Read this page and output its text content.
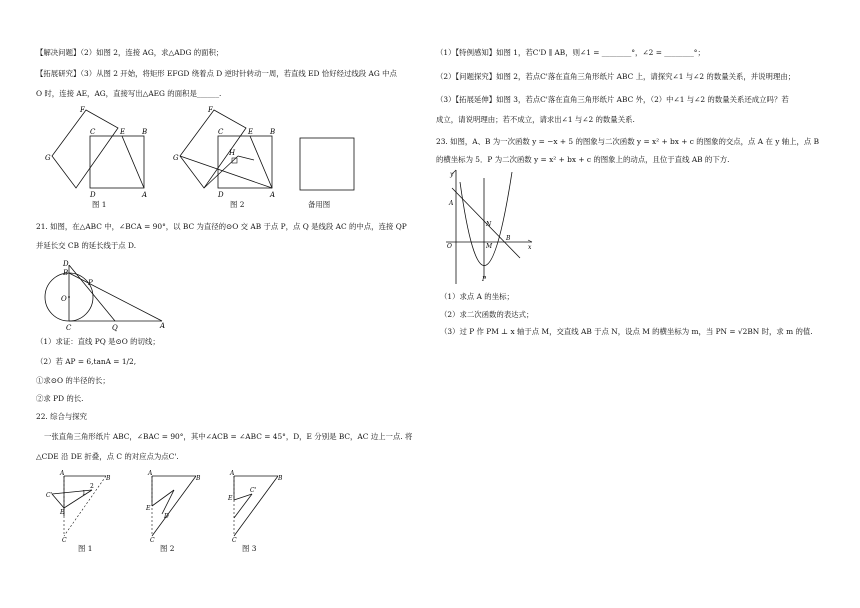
【解决问题】（2）如图 2，连接 AG，求△ADG 的面积；
【拓展研究】（3）从图 2 开始，将矩形 EFGD 绕着点 D 逆时针转动一周，若直线 ED 恰好经过线段 AG 中点
O 时，连接 AE，AG，直接写出△AEG 的面积是______.
F
G
C	E B
D	A
图 1
F
G
C	E B
H
D	A
图 2	备用图
21. 如图，在△ABC 中，∠BCA = 90°，以 BC 为直径的⊙O 交 AB 于点 P，点 Q 是线段 AC 的中点，连接 QP
并延长交 CB 的延长线于点 D.
D
B
P
O
C	Q	A
（1）求证：直线 PQ 是⊙O 的切线；
（2）若 AP = 6,tanA = 1/2,
①求⊙O 的半径的长；
②求 PD 的长.
22. 综合与探究
一张直角三角形纸片 ABC，∠BAC = 90°，其中∠ACB = ∠ABC = 45°，D，E 分别是 BC，AC 边上一点. 将
△CDE 沿 DE 折叠，点 C 的对应点为点C'.
A
B
C'
2
1
E
C
图 1
A
B
E
D
C
图 2
A
B
E
C'
C
图 3
（1）【特例感知】如图 1，若C'D ∥ AB，则∠1 = ________°，∠2 = ________°；
（2）【问题探究】如图 2，若点C'落在直角三角形纸片 ABC 上，请探究∠1 与∠2 的数量关系，并说明理由；
（3）【拓展延伸】如图 3，若点C'落在直角三角形纸片 ABC 外，（2）中∠1 与∠2 的数量关系还成立吗？若
成立，请说明理由；若不成立，请求出∠1 与∠2 的数量关系.
23. 如图，A、B 为一次函数 y = −x + 5 的图象与二次函数 y = x² + bx + c 的图象的交点，点 A 在 y 轴上，点 B
的横坐标为 5．P 为二次函数 y = x² + bx + c 的图象上的动点，且位于直线 AB 的下方.
y
x
A
O
N
M
B
P
（1）求点 A 的坐标；
（2）求二次函数的表达式；
（3）过 P 作 PM ⊥ x 轴于点 M，交直线 AB 于点 N，设点 M 的横坐标为 m，当 PN = √2BN 时，求 m 的值.
